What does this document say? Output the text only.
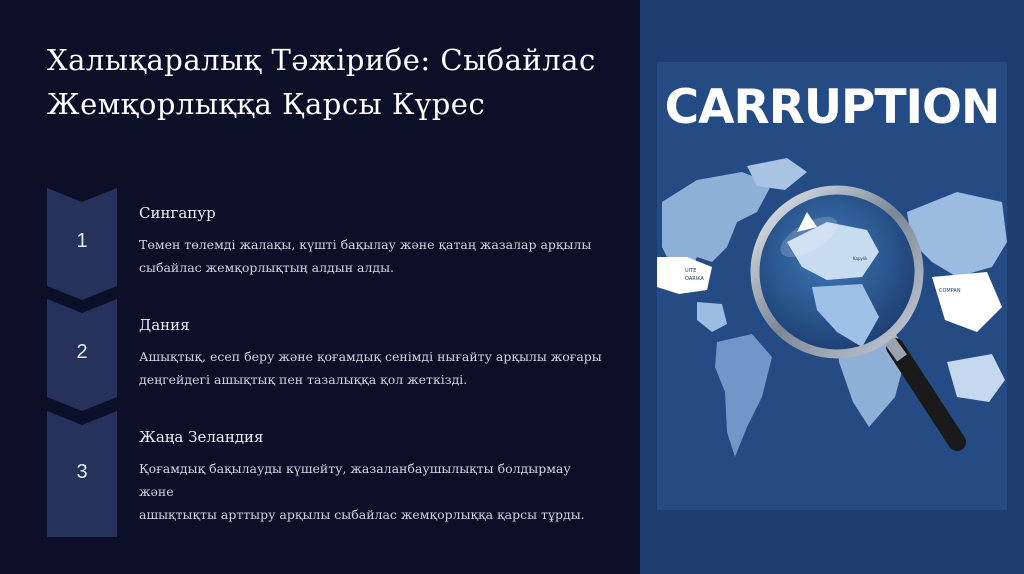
Халықаралық Тәжірибе: Сыбайлас
Жемқорлыққа Қарсы Күрес
1
Сингапур

Төмен төлемді жалақы, күшті бақылау және қатаң жазалар арқылы
сыбайлас жемқорлықтың алдын алды.

2
Дания

Ашықтық, есеп беру және қоғамдық сенімді нығайту арқылы жоғары
деңгейдегі ашықтық пен тазалыққа қол жеткізді.

3
Жаңа Зеландия

Қоғамдық бақылауды күшейту, жазаланбаушылықты болдырмау және
ашықтықты арттыру арқылы сыбайлас жемқорлыққа қарсы тұрды.

CARRUPTION
UITE
OARIKA
COMPAN
Kapylik
